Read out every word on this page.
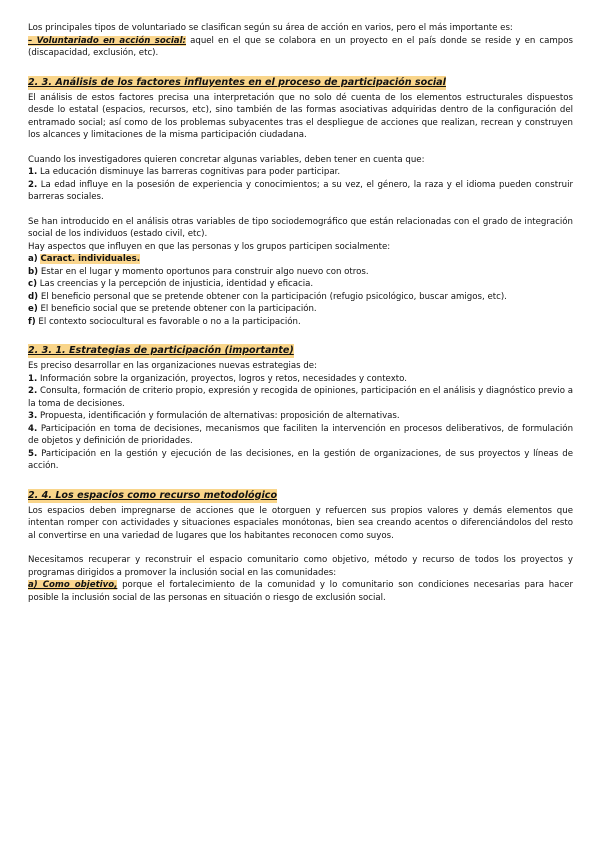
Los principales tipos de voluntariado se clasifican según su área de acción en varios, pero el más importante es:

– Voluntariado en acción social: aquel en el que se colabora en un proyecto en el país donde se reside y en campos (discapacidad, exclusión, etc).

2. 3. Análisis de los factores influyentes en el proceso de participación social

El análisis de estos factores precisa una interpretación que no solo dé cuenta de los elementos estructurales dispuestos desde lo estatal (espacios, recursos, etc), sino también de las formas asociativas adquiridas dentro de la configuración del entramado social; así como de los problemas subyacentes tras el despliegue de acciones que realizan, recrean y construyen los alcances y limitaciones de la misma participación ciudadana.

Cuando los investigadores quieren concretar algunas variables, deben tener en cuenta que:

1. La educación disminuye las barreras cognitivas para poder participar.

2. La edad influye en la posesión de experiencia y conocimientos; a su vez, el género, la raza y el idioma pueden construir barreras sociales.

Se han introducido en el análisis otras variables de tipo sociodemográfico que están relacionadas con el grado de integración social de los individuos (estado civil, etc).

Hay aspectos que influyen en que las personas y los grupos participen socialmente:

a) Caract. individuales.

b) Estar en el lugar y momento oportunos para construir algo nuevo con otros.

c) Las creencias y la percepción de injusticia, identidad y eficacia.

d) El beneficio personal que se pretende obtener con la participación (refugio psicológico, buscar amigos, etc).

e) El beneficio social que se pretende obtener con la participación.

f) El contexto sociocultural es favorable o no a la participación.

2. 3. 1. Estrategias de participación (importante)

Es preciso desarrollar en las organizaciones nuevas estrategias de:

1. Información sobre la organización, proyectos, logros y retos, necesidades y contexto.

2. Consulta, formación de criterio propio, expresión y recogida de opiniones, participación en el análisis y diagnóstico previo a la toma de decisiones.

3. Propuesta, identificación y formulación de alternativas: proposición de alternativas.

4. Participación en toma de decisiones, mecanismos que faciliten la intervención en procesos deliberativos, de formulación de objetos y definición de prioridades.

5. Participación en la gestión y ejecución de las decisiones, en la gestión de organizaciones, de sus proyectos y líneas de acción.

2. 4. Los espacios como recurso metodológico

Los espacios deben impregnarse de acciones que le otorguen y refuercen sus propios valores y demás elementos que intentan romper con actividades y situaciones espaciales monótonas, bien sea creando acentos o diferenciándolos del resto al convertirse en una variedad de lugares que los habitantes reconocen como suyos.

Necesitamos recuperar y reconstruir el espacio comunitario como objetivo, método y recurso de todos los proyectos y programas dirigidos a promover la inclusión social en las comunidades:

a) Como objetivo, porque el fortalecimiento de la comunidad y lo comunitario son condiciones necesarias para hacer posible la inclusión social de las personas en situación o riesgo de exclusión social.
